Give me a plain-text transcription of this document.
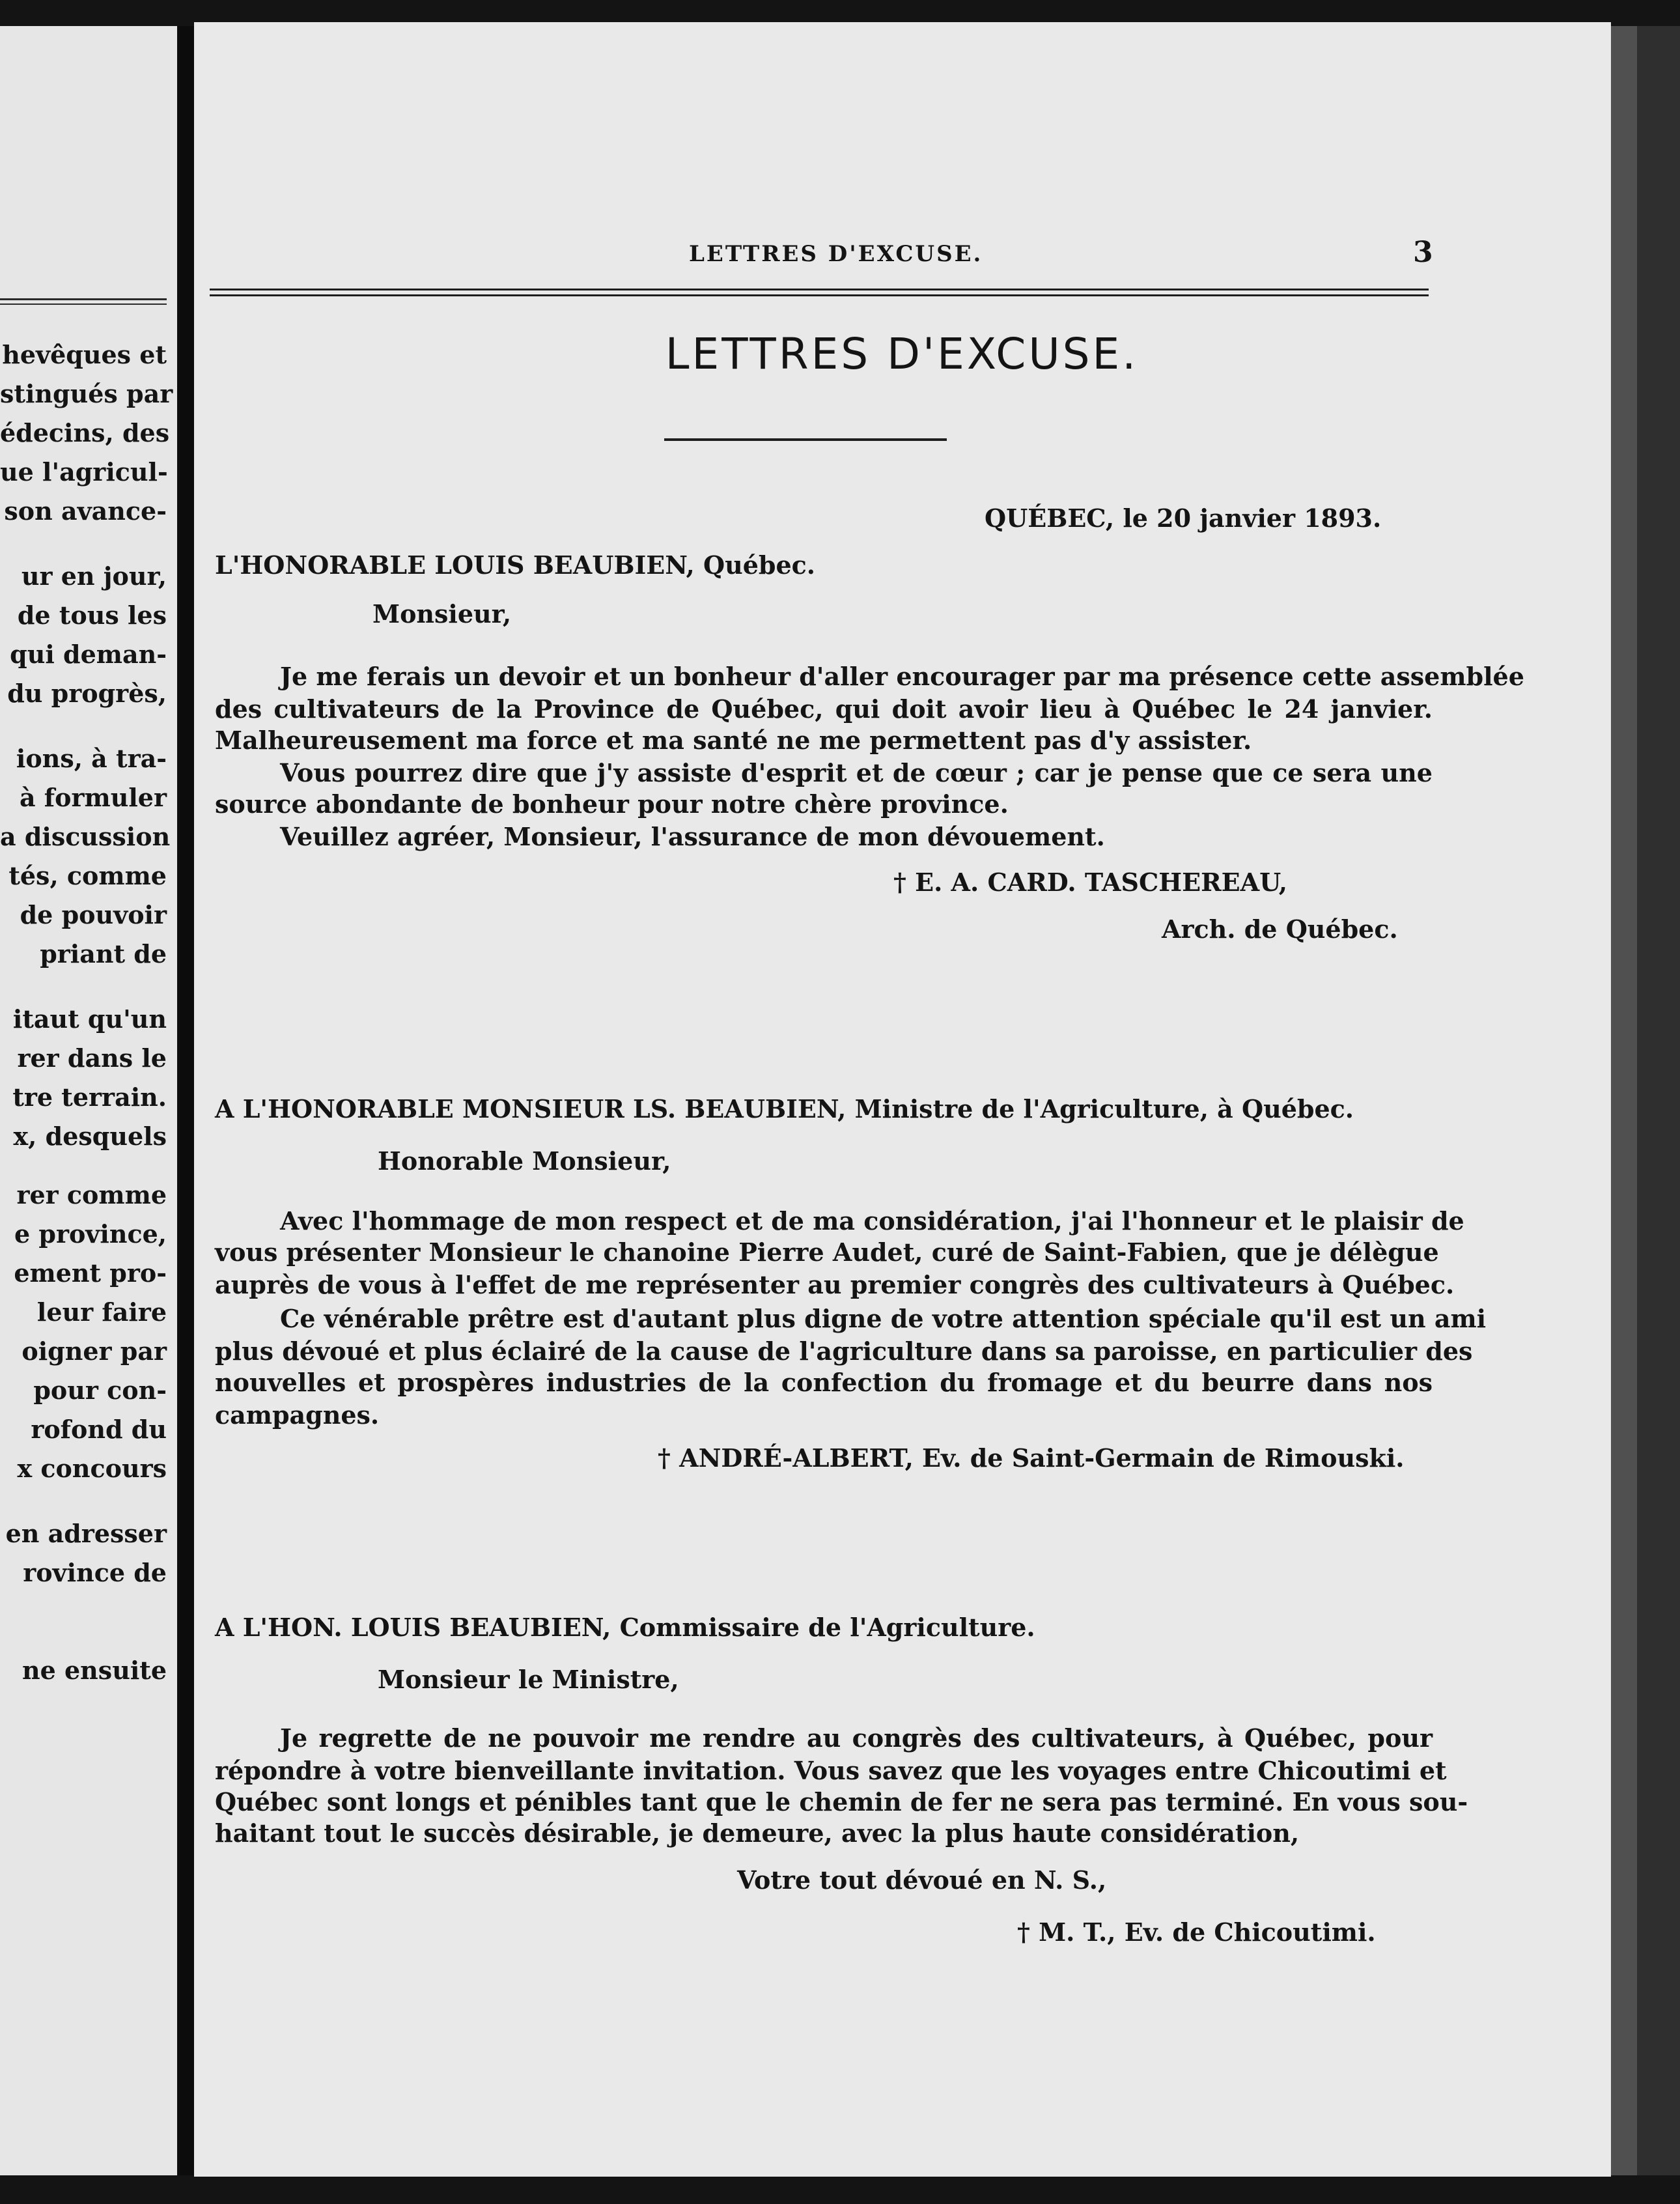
hevêques et
stingués par
édecins, des
ue l'agricul-
son avance-
ur en jour,
de tous les
qui deman-
du progrès,
ions, à tra-
à formuler
a discussion
tés, comme
de pouvoir
priant de
itaut qu'un
rer dans le
tre terrain.
x, desquels
rer comme
e province,
ement pro-
leur faire
oigner par
pour con-
rofond du
x concours
en adresser
rovince de
ne ensuite
LETTRES D'EXCUSE.	3
LETTRES D'EXCUSE.
QUÉBEC, le 20 janvier 1893.
L'HONORABLE LOUIS BEAUBIEN, Québec.
Monsieur,
Je me ferais un devoir et un bonheur d'aller encourager par ma présence cette assemblée
des cultivateurs de la Province de Québec, qui doit avoir lieu à Québec le 24 janvier.
Malheureusement ma force et ma santé ne me permettent pas d'y assister.
Vous pourrez dire que j'y assiste d'esprit et de cœur ; car je pense que ce sera une
source abondante de bonheur pour notre chère province.
Veuillez agréer, Monsieur, l'assurance de mon dévouement.
† E. A. CARD. TASCHEREAU,
Arch. de Québec.
A L'HONORABLE MONSIEUR LS. BEAUBIEN, Ministre de l'Agriculture, à Québec.
Honorable Monsieur,
Avec l'hommage de mon respect et de ma considération, j'ai l'honneur et le plaisir de
vous présenter Monsieur le chanoine Pierre Audet, curé de Saint-Fabien, que je délègue
auprès de vous à l'effet de me représenter au premier congrès des cultivateurs à Québec.
Ce vénérable prêtre est d'autant plus digne de votre attention spéciale qu'il est un ami
plus dévoué et plus éclairé de la cause de l'agriculture dans sa paroisse, en particulier des
nouvelles et prospères industries de la confection du fromage et du beurre dans nos
campagnes.
† ANDRÉ-ALBERT, Ev. de Saint-Germain de Rimouski.
A L'HON. LOUIS BEAUBIEN, Commissaire de l'Agriculture.
Monsieur le Ministre,
Je regrette de ne pouvoir me rendre au congrès des cultivateurs, à Québec, pour
répondre à votre bienveillante invitation. Vous savez que les voyages entre Chicoutimi et
Québec sont longs et pénibles tant que le chemin de fer ne sera pas terminé. En vous sou-
haitant tout le succès désirable, je demeure, avec la plus haute considération,
Votre tout dévoué en N. S.,
† M. T., Ev. de Chicoutimi.
